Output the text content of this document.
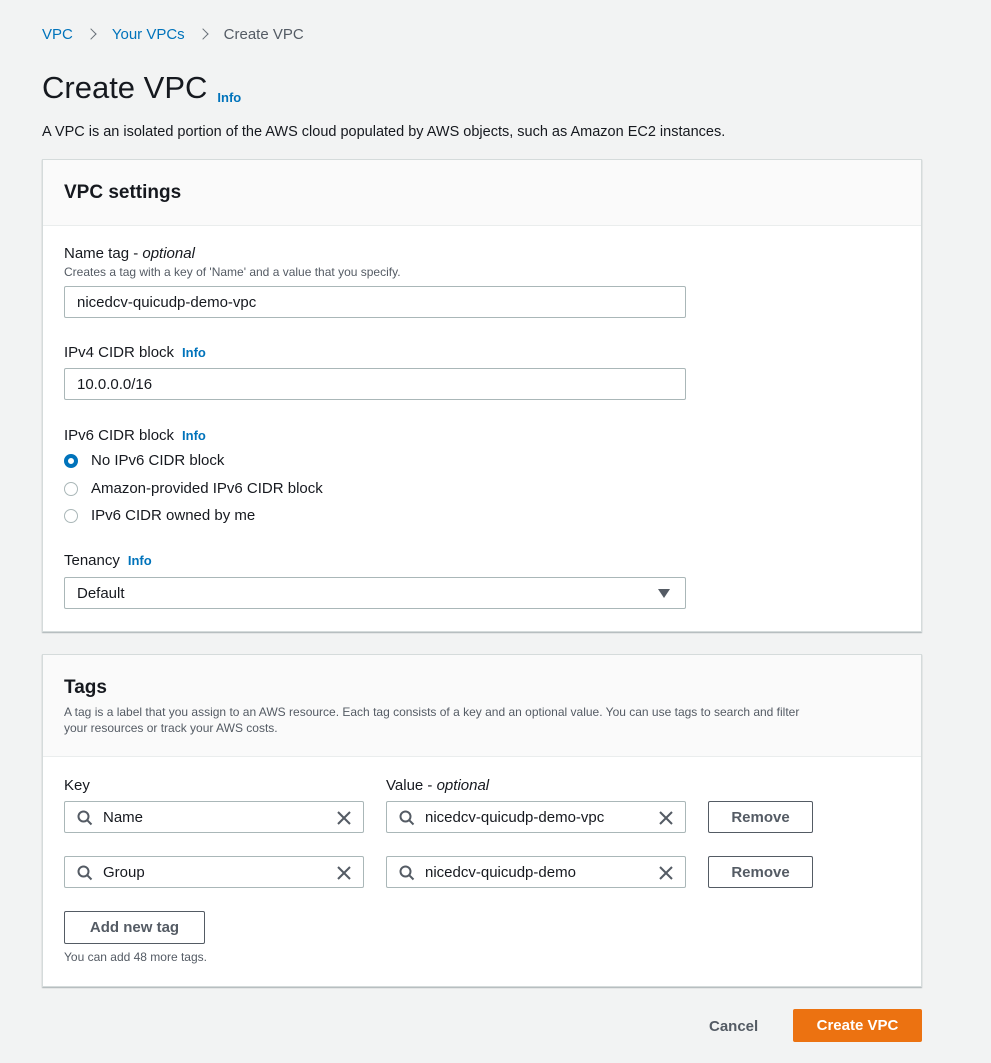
VPC	Your VPCs	Create VPC
Create VPC Info
A VPC is an isolated portion of the AWS cloud populated by AWS objects, such as Amazon EC2 instances.
VPC settings
Name tag - optional
Creates a tag with a key of 'Name' and a value that you specify.
nicedcv-quicudp-demo-vpc
IPv4 CIDR block Info
10.0.0.0/16
IPv6 CIDR block Info
No IPv6 CIDR block
Amazon-provided IPv6 CIDR block
IPv6 CIDR owned by me
Tenancy Info
Default
Tags
A tag is a label that you assign to an AWS resource. Each tag consists of a key and an optional value. You can use tags to search and filter
your resources or track your AWS costs.
Key	Value - optional
Name	nicedcv-quicudp-demo-vpc	Remove
Group	nicedcv-quicudp-demo	Remove
Add new tag
You can add 48 more tags.
Cancel	Create VPC
